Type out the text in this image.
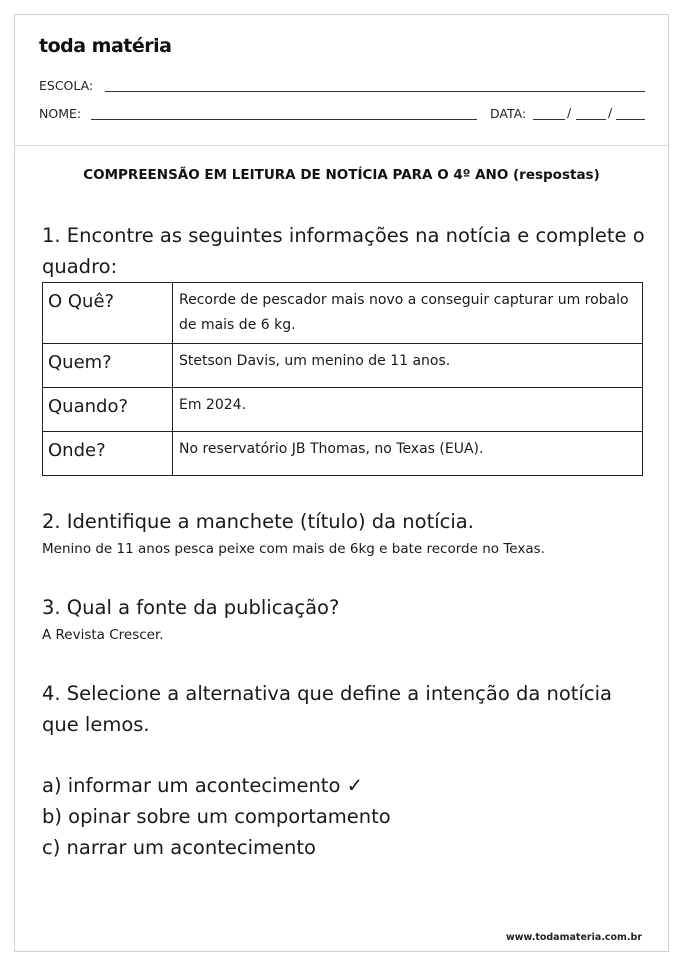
toda matéria
ESCOLA:
NOME:	DATA:	/	/
COMPREENSÃO EM LEITURA DE NOTÍCIA PARA O 4º ANO (respostas)
1. Encontre as seguintes informações na notícia e complete o quadro:
O Quê?	Recorde de pescador mais novo a conseguir capturar um robalo de mais de 6 kg.
Quem?	Stetson Davis, um menino de 11 anos.
Quando?	Em 2024.
Onde?	No reservatório JB Thomas, no Texas (EUA).
2. Identifique a manchete (título) da notícia.
Menino de 11 anos pesca peixe com mais de 6kg e bate recorde no Texas.
3. Qual a fonte da publicação?
A Revista Crescer.
4. Selecione a alternativa que define a intenção da notícia que lemos.
a) informar um acontecimento ✓
b) opinar sobre um comportamento
c) narrar um acontecimento
www.todamateria.com.br
